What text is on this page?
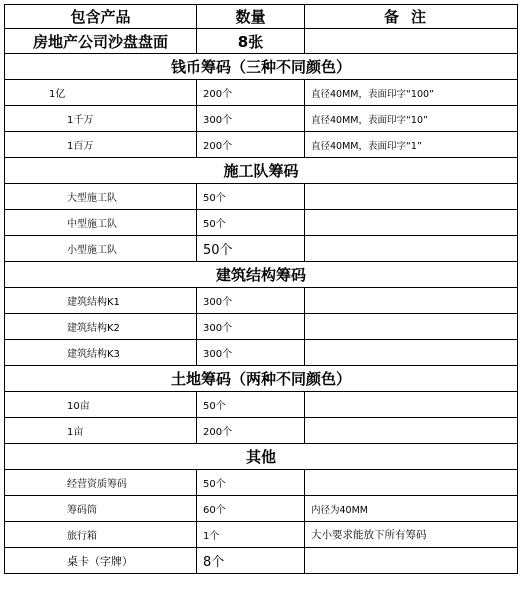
包含产品	数量	备注
房地产公司沙盘盘面	8张	
钱币筹码（三种不同颜色）		
1亿	200个	直径40MM，表面印字“100”
1千万	300个	直径40MM，表面印字“10”
1百万	200个	直径40MM，表面印字“1”
施工队筹码		
大型施工队	50个	
中型施工队	50个	
小型施工队	50个	
建筑结构筹码		
建筑结构K1	300个	
建筑结构K2	300个	
建筑结构K3	300个	
土地筹码（两种不同颜色）		
10亩	50个	
1亩	200个	
其他		
经营资质筹码	50个	
筹码筒	60个	内径为40MM
旅行箱	1个	大小要求能放下所有筹码
桌卡（字牌）	8个	
